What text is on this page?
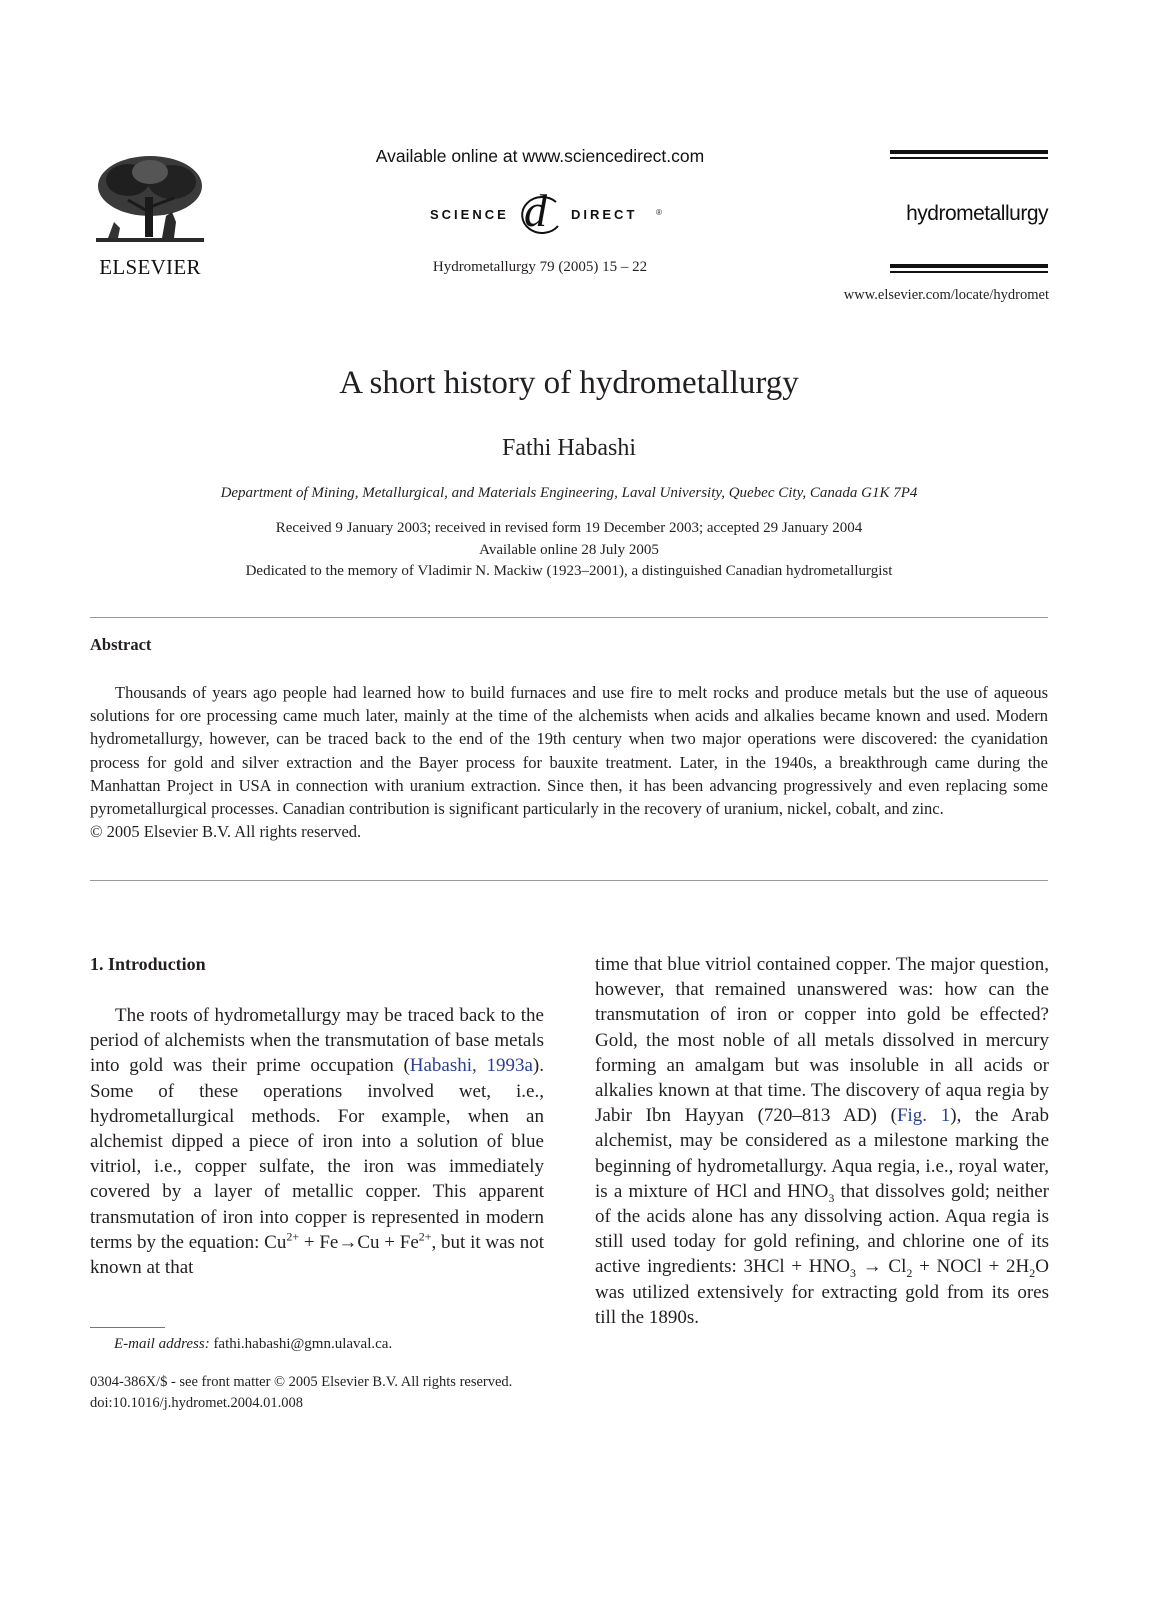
ELSEVIER
Available online at www.sciencedirect.com
SCIENCE d DIRECT ®
Hydrometallurgy 79 (2005) 15 – 22
hydrometallurgy
www.elsevier.com/locate/hydromet
A short history of hydrometallurgy
Fathi Habashi
Department of Mining, Metallurgical, and Materials Engineering, Laval University, Quebec City, Canada G1K 7P4
Received 9 January 2003; received in revised form 19 December 2003; accepted 29 January 2004
Available online 28 July 2005
Dedicated to the memory of Vladimir N. Mackiw (1923–2001), a distinguished Canadian hydrometallurgist
Abstract

Thousands of years ago people had learned how to build furnaces and use fire to melt rocks and produce metals but the use of aqueous solutions for ore processing came much later, mainly at the time of the alchemists when acids and alkalies became known and used. Modern hydrometallurgy, however, can be traced back to the end of the 19th century when two major operations were discovered: the cyanidation process for gold and silver extraction and the Bayer process for bauxite treatment. Later, in the 1940s, a breakthrough came during the Manhattan Project in USA in connection with uranium extraction. Since then, it has been advancing progressively and even replacing some pyrometallurgical processes. Canadian contribution is significant particularly in the recovery of uranium, nickel, cobalt, and zinc.

© 2005 Elsevier B.V. All rights reserved.

1. Introduction

The roots of hydrometallurgy may be traced back to the period of alchemists when the transmutation of base metals into gold was their prime occupation (Habashi, 1993a). Some of these operations involved wet, i.e., hydrometallurgical methods. For example, when an alchemist dipped a piece of iron into a solution of blue vitriol, i.e., copper sulfate, the iron was immediately covered by a layer of metallic copper. This apparent transmutation of iron into copper is represented in modern terms by the equation: $Cu^{2+} + Fe\to Cu + Fe^{2+}$, but it was not known at that

time that blue vitriol contained copper. The major question, however, that remained unanswered was: how can the transmutation of iron or copper into gold be effected? Gold, the most noble of all metals dissolved in mercury forming an amalgam but was insoluble in all acids or alkalies known at that time. The discovery of aqua regia by Jabir Ibn Hayyan (720–813 AD) (Fig. 1), the Arab alchemist, may be considered as a milestone marking the beginning of hydrometallurgy. Aqua regia, i.e., royal water, is a mixture of HCl and $HNO_3$ that dissolves gold; neither of the acids alone has any dissolving action. Aqua regia is still used today for gold refining, and chlorine one of its active ingredients: $3HCl + HNO_3 \to Cl_2$ + NOCl + $2H_2O$ was utilized extensively for extracting gold from its ores till the 1890s.

E-mail address: fathi.habashi@gmn.ulaval.ca.
0304-386X/$ - see front matter © 2005 Elsevier B.V. All rights reserved.
doi:10.1016/j.hydromet.2004.01.008
